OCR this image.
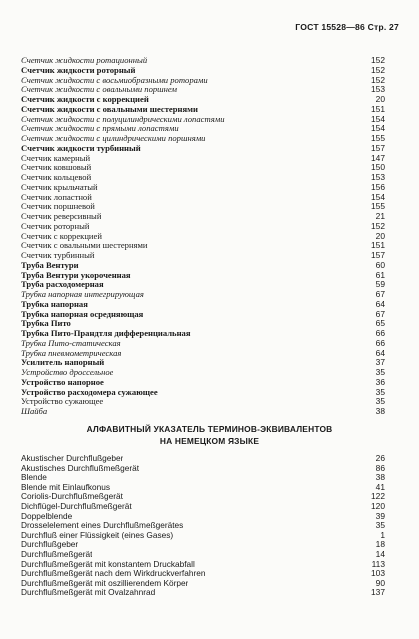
ГОСТ 15528—86 Стр. 27
Счетчик жидкости ротационный	152
Счетчик жидкости роторный	152
Счетчик жидкости с восьмиобразными роторами	152
Счетчик жидкости с овальными поршнем	153
Счетчик жидкости с коррекцией	20
Счетчик жидкости с овальными шестернями	151
Счетчик жидкости с полуцилиндрическими лопастями	154
Счетчик жидкости с прямыми лопастями	154
Счетчик жидкости с цилиндрическими поршнями	155
Счетчик жидкости турбинный	157
Счетчик камерный	147
Счетчик ковшовый	150
Счетчик кольцевой	153
Счетчик крыльчатый	156
Счетчик лопастной	154
Счетчик поршневой	155
Счетчик реверсивный	21
Счетчик роторный	152
Счетчик с коррекцией	20
Счетчик с овальными шестернями	151
Счетчик турбинный	157
Труба Вентури	60
Труба Вентури укороченная	61
Труба расходомерная	59
Трубка напорная интегрирующая	67
Трубка напорная	64
Трубка напорная осредняющая	67
Трубка Пито	65
Трубка Пито-Прандтля дифференциальная	66
Трубка Пито-статическая	66
Трубка пневмометрическая	64
Усилитель напорный	37
Устройство дроссельное	35
Устройство напорное	36
Устройство расходомера сужающее	35
Устройство сужающее	35
Шайба	38
АЛФАВИТНЫЙ УКАЗАТЕЛЬ ТЕРМИНОВ-ЭКВИВАЛЕНТОВ
НА НЕМЕЦКОМ ЯЗЫКЕ
Akustischer Durchflußgeber	26
Akustisches Durchflußmeßgerät	86
Blende	38
Blende mit Einlaufkonus	41
Coriolis-Durchflußmeßgerät	122
Dichflügel-Durchflußmeßgerät	120
Doppelblende	39
Drosselelement eines Durchflußmeßgerätes	35
Durchfluß einer Flüssigkeit (eines Gases)	1
Durchflußgeber	18
Durchflußmeßgerät	14
Durchflußmeßgerät mit konstantem Druckabfall	113
Durchflußmeßgerät nach dem Wirkdruckverfahren	103
Durchflußmeßgerät mit oszillierendem Körper	90
Durchflußmeßgerät mit Ovalzahnrad	137
